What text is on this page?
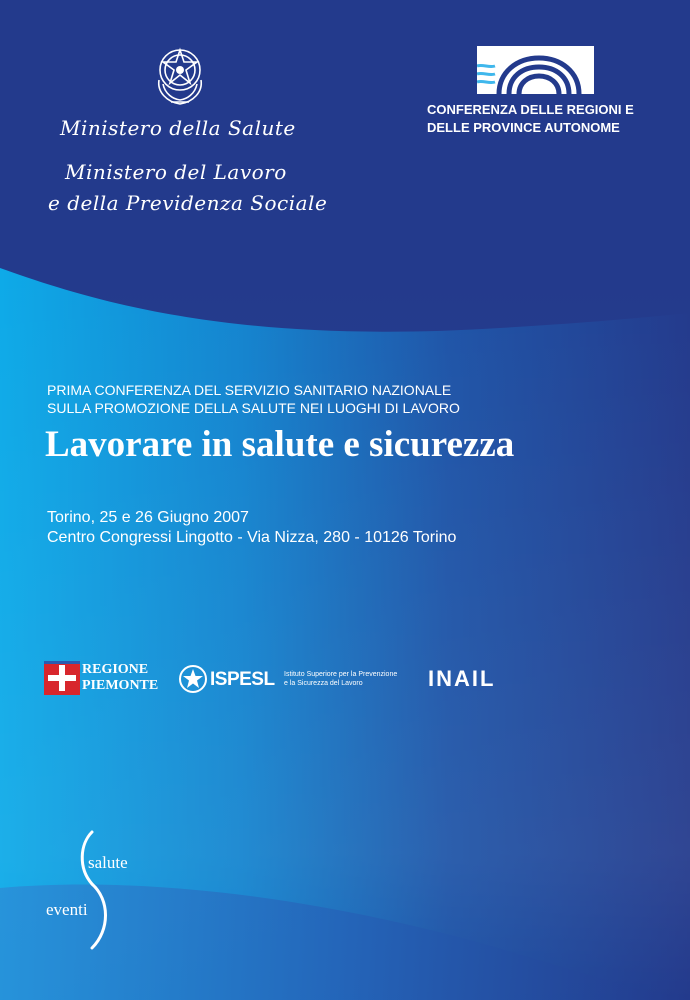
Ministero della Salute
Ministero del Lavoro
e della Previdenza Sociale
CONFERENZA DELLE REGIONI E
DELLE PROVINCE AUTONOME
PRIMA CONFERENZA DEL SERVIZIO SANITARIO NAZIONALE
SULLA PROMOZIONE DELLA SALUTE NEI LUOGHI DI LAVORO
Lavorare in salute e sicurezza
Torino, 25 e 26 Giugno 2007
Centro Congressi Lingotto - Via Nizza, 280 - 10126 Torino
REGIONE
PIEMONTE	ISPESL Istituto Superiore per la Prevenzione
e la Sicurezza del Lavoro	INAIL
salute
eventi
